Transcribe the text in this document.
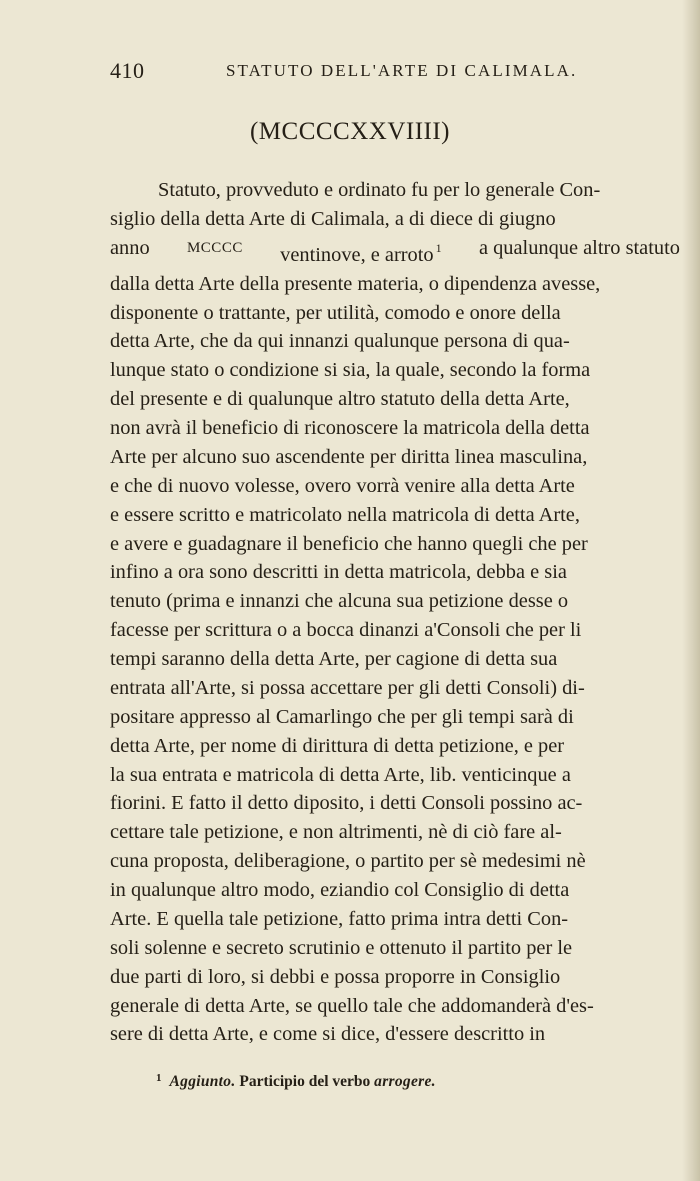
410	STATUTO DELL'ARTE DI CALIMALA.
(MCCCCXXVIIII)
Statuto, provveduto e ordinato fu per lo generale Con-
siglio della detta Arte di Calimala, a di diece di giugno
anno MCCCC ventinove, e arroto 1 a qualunque altro statuto
dalla detta Arte della presente materia, o dipendenza avesse,
disponente o trattante, per utilità, comodo e onore della
detta Arte, che da qui innanzi qualunque persona di qua-
lunque stato o condizione si sia, la quale, secondo la forma
del presente e di qualunque altro statuto della detta Arte,
non avrà il beneficio di riconoscere la matricola della detta
Arte per alcuno suo ascendente per diritta linea masculina,
e che di nuovo volesse, overo vorrà venire alla detta Arte
e essere scritto e matricolato nella matricola di detta Arte,
e avere e guadagnare il beneficio che hanno quegli che per
infino a ora sono descritti in detta matricola, debba e sia
tenuto (prima e innanzi che alcuna sua petizione desse o
facesse per scrittura o a bocca dinanzi a'Consoli che per li
tempi saranno della detta Arte, per cagione di detta sua
entrata all'Arte, si possa accettare per gli detti Consoli) di-
positare appresso al Camarlingo che per gli tempi sarà di
detta Arte, per nome di dirittura di detta petizione, e per
la sua entrata e matricola di detta Arte, lib. venticinque a
fiorini. E fatto il detto diposito, i detti Consoli possino ac-
cettare tale petizione, e non altrimenti, nè di ciò fare al-
cuna proposta, deliberagione, o partito per sè medesimi nè
in qualunque altro modo, eziandio col Consiglio di detta
Arte. E quella tale petizione, fatto prima intra detti Con-
soli solenne e secreto scrutinio e ottenuto il partito per le
due parti di loro, si debbi e possa proporre in Consiglio
generale di detta Arte, se quello tale che addomanderà d'es-
sere di detta Arte, e come si dice, d'essere descritto in
$^1$ Aggiunto. Participio del verbo arrogere.
